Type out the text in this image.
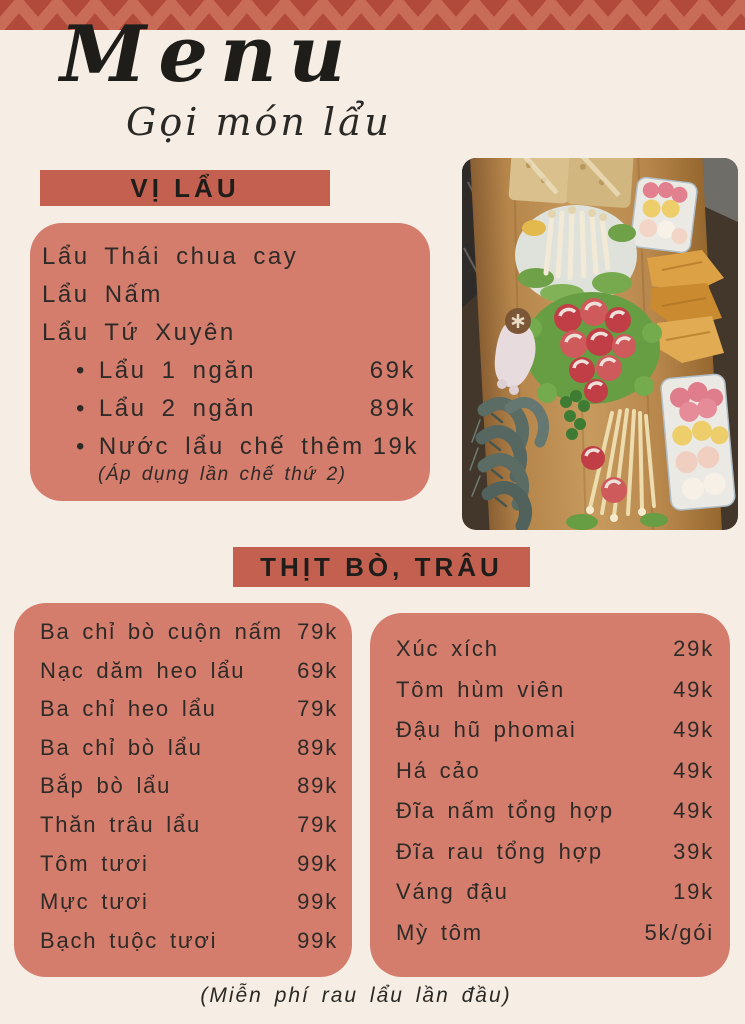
Menu
Gọi món lẩu
VỊ LẨU
Lẩu Thái chua cay
Lẩu Nấm
Lẩu Tứ Xuyên
• Lẩu 1 ngăn	69k
• Lẩu 2 ngăn	89k
• Nước lẩu chế thêm 19k
(Áp dụng lần chế thứ 2)
THỊT BÒ, TRÂU
Ba chỉ bò cuộn nấm 79k
Nạc dăm heo lẩu 69k
Ba chỉ heo lẩu	79k
Ba chỉ bò lẩu	89k
Bắp bò lẩu	89k
Thăn trâu lẩu	79k
Tôm tươi	99k
Mực tươi	99k
Bạch tuộc tươi	99k
Xúc xích	29k
Tôm hùm viên	49k
Đậu hũ phomai	49k
Há cảo	49k
Đĩa nấm tổng hợp	49k
Đĩa rau tổng hợp	39k
Váng đậu	19k
Mỳ tôm	5k/gói
(Miễn phí rau lẩu lần đầu)
